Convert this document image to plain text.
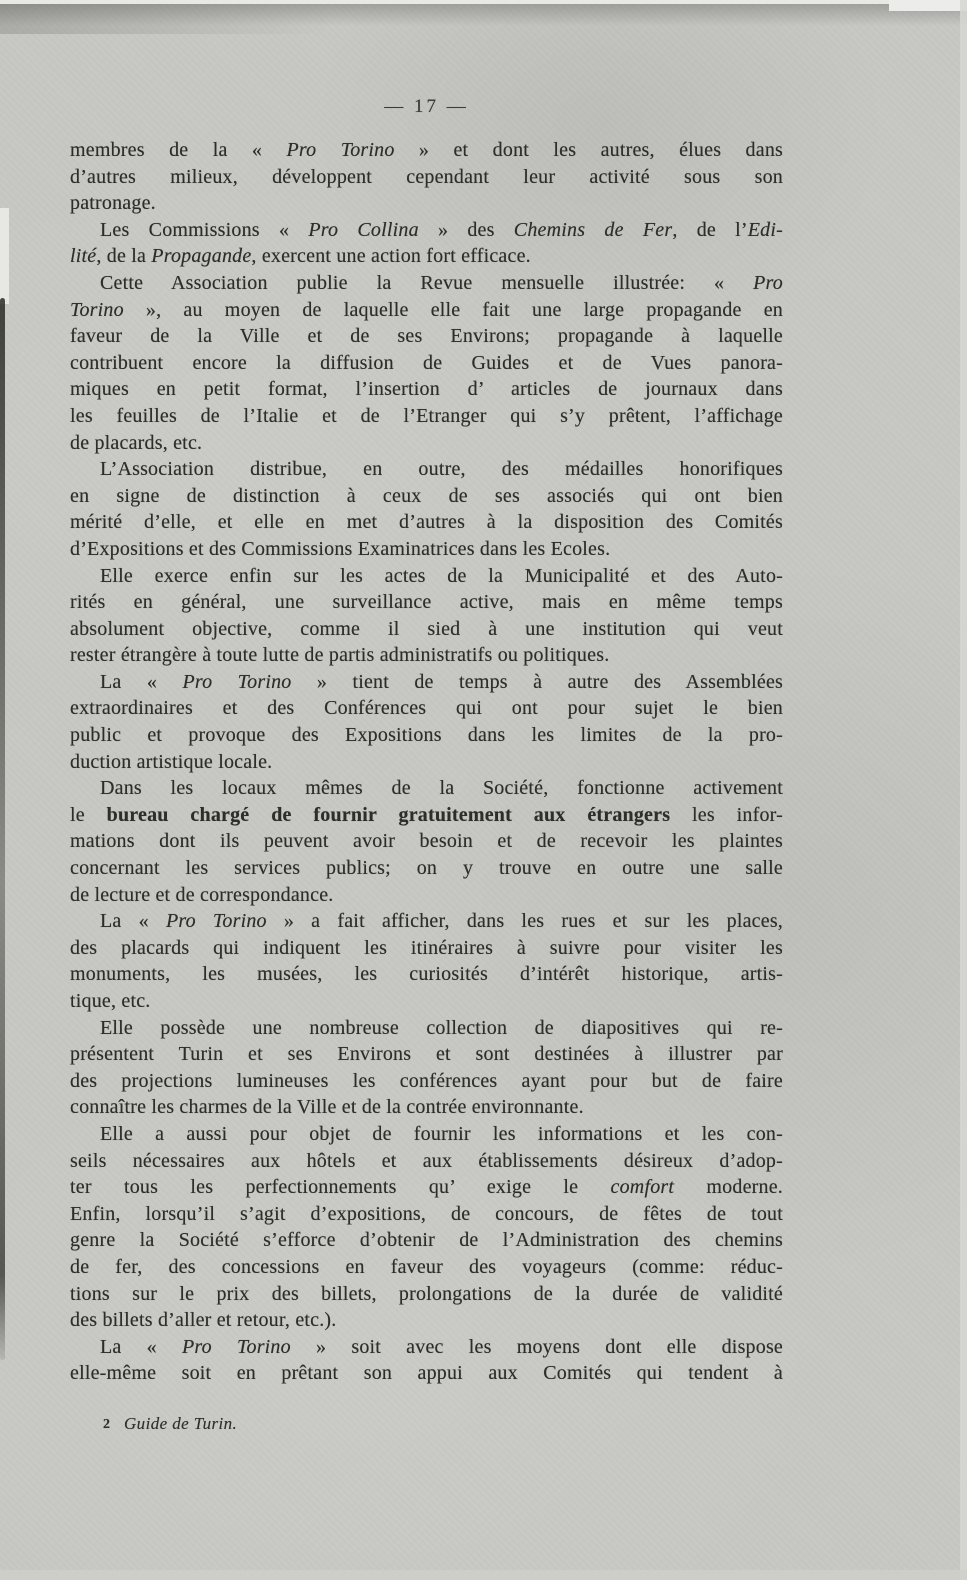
— 17 —
membres de la « Pro Torino » et dont les autres, élues dans
d’autres milieux, développent cependant leur activité sous son
patronage.
Les Commissions « Pro Collina » des Chemins de Fer, de l’Edi-
lité, de la Propagande, exercent une action fort efficace.
Cette Association publie la Revue mensuelle illustrée: « Pro
Torino », au moyen de laquelle elle fait une large propagande en
faveur de la Ville et de ses Environs; propagande à laquelle
contribuent encore la diffusion de Guides et de Vues panora-
miques en petit format, l’insertion d’ articles de journaux dans
les feuilles de l’Italie et de l’Etranger qui s’y prêtent, l’affichage
de placards, etc.
L’Association distribue, en outre, des médailles honorifiques
en signe de distinction à ceux de ses associés qui ont bien
mérité d’elle, et elle en met d’autres à la disposition des Comités
d’Expositions et des Commissions Examinatrices dans les Ecoles.
Elle exerce enfin sur les actes de la Municipalité et des Auto-
rités en général, une surveillance active, mais en même temps
absolument objective, comme il sied à une institution qui veut
rester étrangère à toute lutte de partis administratifs ou politiques.
La « Pro Torino » tient de temps à autre des Assemblées
extraordinaires et des Conférences qui ont pour sujet le bien
public et provoque des Expositions dans les limites de la pro-
duction artistique locale.
Dans les locaux mêmes de la Société, fonctionne activement
le bureau chargé de fournir gratuitement aux étrangers les infor-
mations dont ils peuvent avoir besoin et de recevoir les plaintes
concernant les services publics; on y trouve en outre une salle
de lecture et de correspondance.
La « Pro Torino » a fait afficher, dans les rues et sur les places,
des placards qui indiquent les itinéraires à suivre pour visiter les
monuments, les musées, les curiosités d’intérêt historique, artis-
tique, etc.
Elle possède une nombreuse collection de diapositives qui re-
présentent Turin et ses Environs et sont destinées à illustrer par
des projections lumineuses les conférences ayant pour but de faire
connaître les charmes de la Ville et de la contrée environnante.
Elle a aussi pour objet de fournir les informations et les con-
seils nécessaires aux hôtels et aux établissements désireux d’adop-
ter tous les perfectionnements qu’ exige le comfort moderne.
Enfin, lorsqu’il s’agit d’expositions, de concours, de fêtes de tout
genre la Société s’efforce d’obtenir de l’Administration des chemins
de fer, des concessions en faveur des voyageurs (comme: réduc-
tions sur le prix des billets, prolongations de la durée de validité
des billets d’aller et retour, etc.).
La « Pro Torino » soit avec les moyens dont elle dispose
elle-même soit en prêtant son appui aux Comités qui tendent à
2 Guide de Turin.
